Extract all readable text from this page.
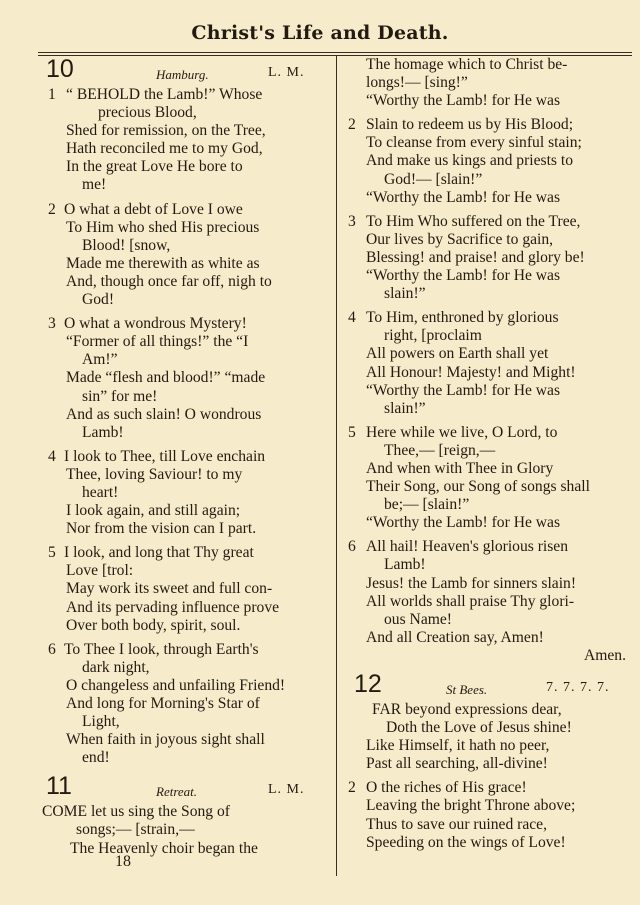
Christ's Life and Death.
10	Hamburg.	L. M.
1 “ BEHOLD the Lamb!” Whose
precious Blood,
Shed for remission, on the Tree,
Hath reconciled me to my God,
In the great Love He bore to
me!
2 O what a debt of Love I owe
To Him who shed His precious
Blood! [snow,
Made me therewith as white as
And, though once far off, nigh to
God!
3 O what a wondrous Mystery!
“Former of all things!” the “I
Am!”
Made “flesh and blood!” “made
sin” for me!
And as such slain! O wondrous
Lamb!
4 I look to Thee, till Love enchain
Thee, loving Saviour! to my
heart!
I look again, and still again;
Nor from the vision can I part.
5 I look, and long that Thy great
Love [trol:
May work its sweet and full con-
And its pervading influence prove
Over both body, spirit, soul.
6 To Thee I look, through Earth's
dark night,
O changeless and unfailing Friend!
And long for Morning's Star of
Light,
When faith in joyous sight shall
end!
11	Retreat.	L. M.
COME let us sing the Song of
songs;— [strain,—
The Heavenly choir began the
The homage which to Christ be-
longs!— [sing!”
“Worthy the Lamb! for He was
2 Slain to redeem us by His Blood;
To cleanse from every sinful stain;
And make us kings and priests to
God!— [slain!”
“Worthy the Lamb! for He was
3 To Him Who suffered on the Tree,
Our lives by Sacrifice to gain,
Blessing! and praise! and glory be!
“Worthy the Lamb! for He was
slain!”
4 To Him, enthroned by glorious
right, [proclaim
All powers on Earth shall yet
All Honour! Majesty! and Might!
“Worthy the Lamb! for He was
slain!”
5 Here while we live, O Lord, to
Thee,— [reign,—
And when with Thee in Glory
Their Song, our Song of songs shall
be;— [slain!”
“Worthy the Lamb! for He was
6 All hail! Heaven's glorious risen
Lamb!
Jesus! the Lamb for sinners slain!
All worlds shall praise Thy glori-
ous Name!
And all Creation say, Amen!
Amen.
12	St Bees.	7. 7. 7. 7.
FAR beyond expressions dear,
Doth the Love of Jesus shine!
Like Himself, it hath no peer,
Past all searching, all-divine!
2 O the riches of His grace!
Leaving the bright Throne above;
Thus to save our ruined race,
Speeding on the wings of Love!
18
